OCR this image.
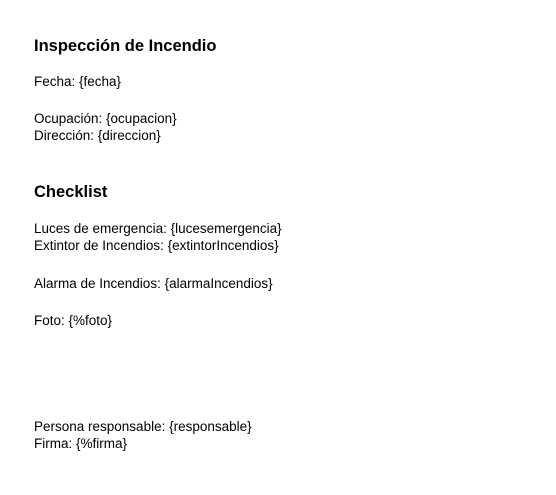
Inspección de Incendio

Fecha: {fecha}

Ocupación: {ocupacion}

Dirección: {direccion}

Checklist

Luces de emergencia: {lucesemergencia}

Extintor de Incendios: {extintorIncendios}

Alarma de Incendios: {alarmaIncendios}

Foto: {%foto}

Persona responsable: {responsable}

Firma: {%firma}
